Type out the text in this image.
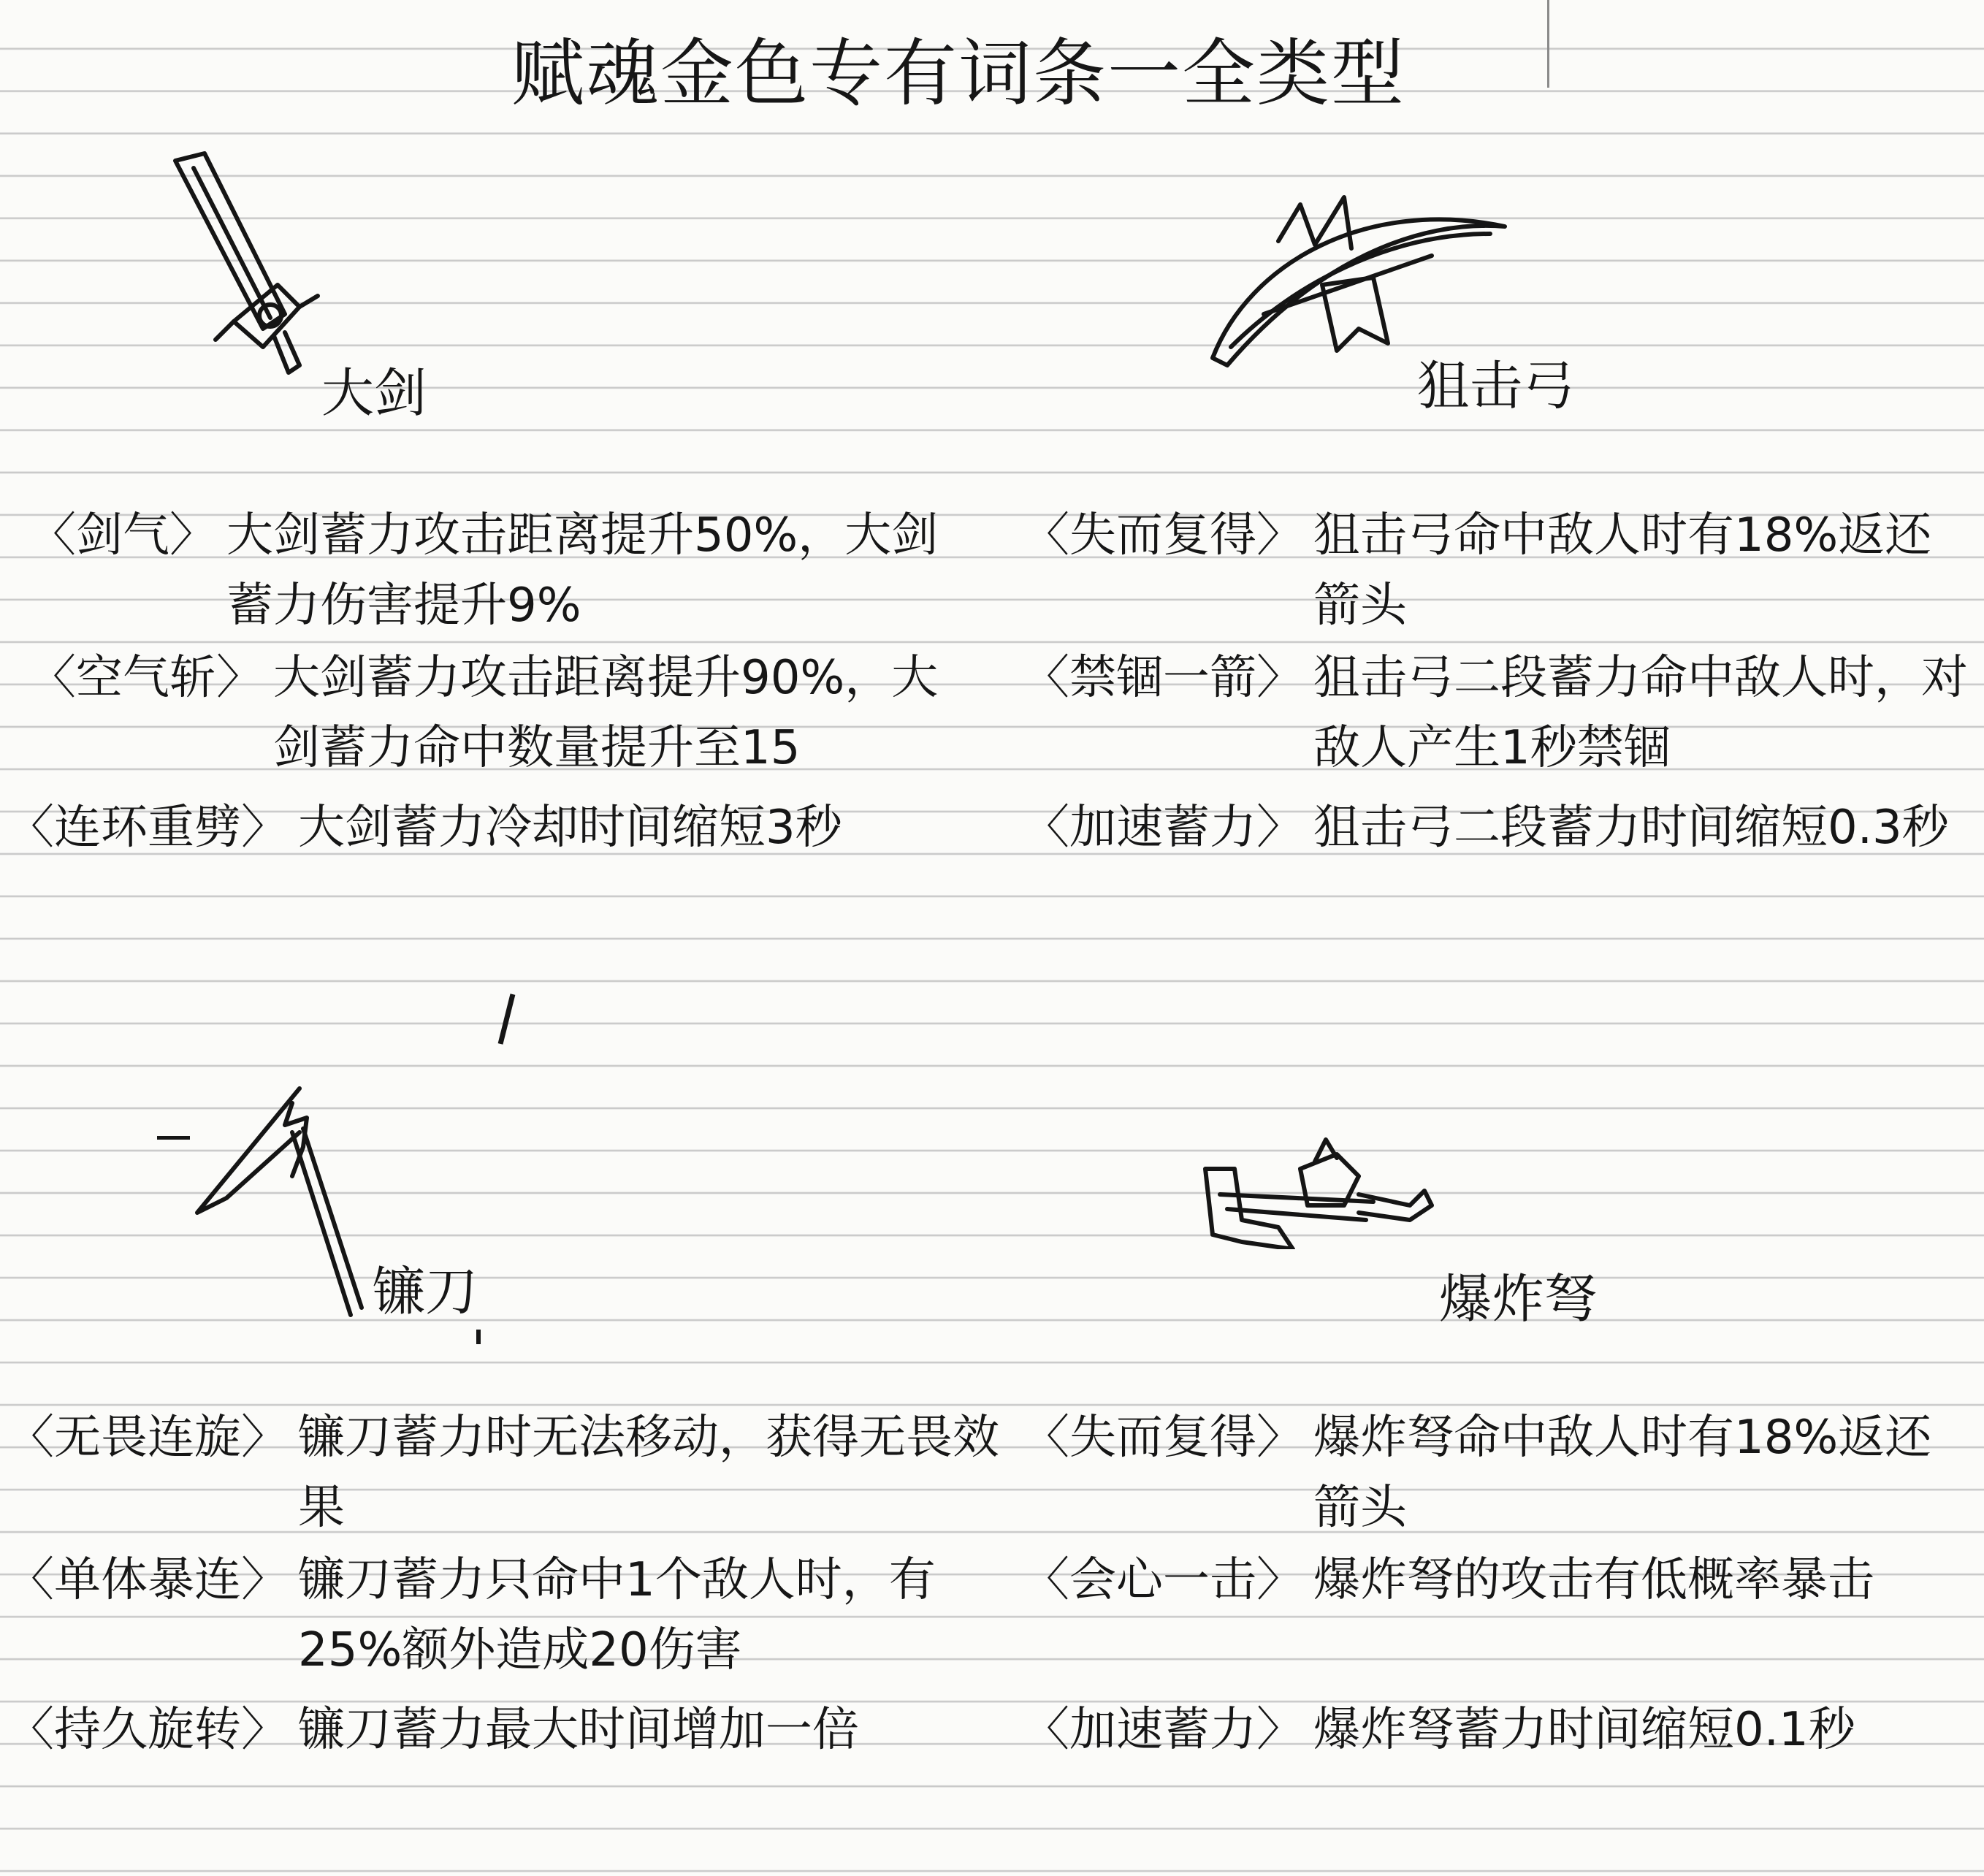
赋魂金色专有词条一全类型
大剑	狙击弓
〈剑气〉 大剑蓄力攻击距离提升50%，大剑蓄力伤害提升9%
〈空气斩〉 大剑蓄力攻击距离提升90%，大剑蓄力命中数量提升至15
〈连环重劈〉 大剑蓄力冷却时间缩短3秒
〈失而复得〉 狙击弓命中敌人时有18%返还箭头
〈禁锢一箭〉 狙击弓二段蓄力命中敌人时，对敌人产生1秒禁锢
〈加速蓄力〉 狙击弓二段蓄力时间缩短0.3秒
镰刀	爆炸弩
〈无畏连旋〉 镰刀蓄力时无法移动，获得无畏效果
〈单体暴连〉 镰刀蓄力只命中1个敌人时，有25%额外造成20伤害
〈持久旋转〉 镰刀蓄力最大时间增加一倍
〈失而复得〉 爆炸弩命中敌人时有18%返还箭头
〈会心一击〉 爆炸弩的攻击有低概率暴击
〈加速蓄力〉 爆炸弩蓄力时间缩短0.1秒
